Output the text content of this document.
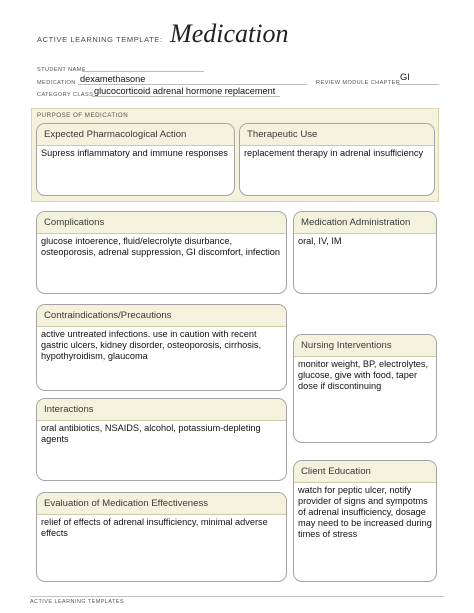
ACTIVE LEARNING TEMPLATE: Medication
STUDENT NAME
MEDICATION dexamethasone	REVIEW MODULE CHAPTER
GI
CATEGORY CLASS glucocorticoid adrenal hormone replacement
PURPOSE OF MEDICATION
Expected Pharmacological Action
Supress inflammatory and immune responses
Therapeutic Use
replacement therapy in adrenal insufficiency
Complications
glucose intoerence, fluid/elecrolyte disurbance, osteoporosis, adrenal suppression, GI discomfort, infection
Contraindications/Precautions
active untreated infections. use in caution with recent gastric ulcers, kidney disorder, osteoporosis, cirrhosis, hypothyroidism, glaucoma
Interactions
oral antibiotics, NSAIDS, alcohol, potassium-depleting agents
Evaluation of Medication Effectiveness
relief of effects of adrenal insufficiency, minimal adverse effects
Medication Administration
oral, IV, IM
Nursing Interventions
monitor weight, BP, electrolytes, glucose, give with food, taper dose if discontinuing
Client Education
watch for peptic ulcer, notify provider of signs and sympotms of adrenal insufficiency, dosage may need to be increased during times of stress
ACTIVE LEARNING TEMPLATES
